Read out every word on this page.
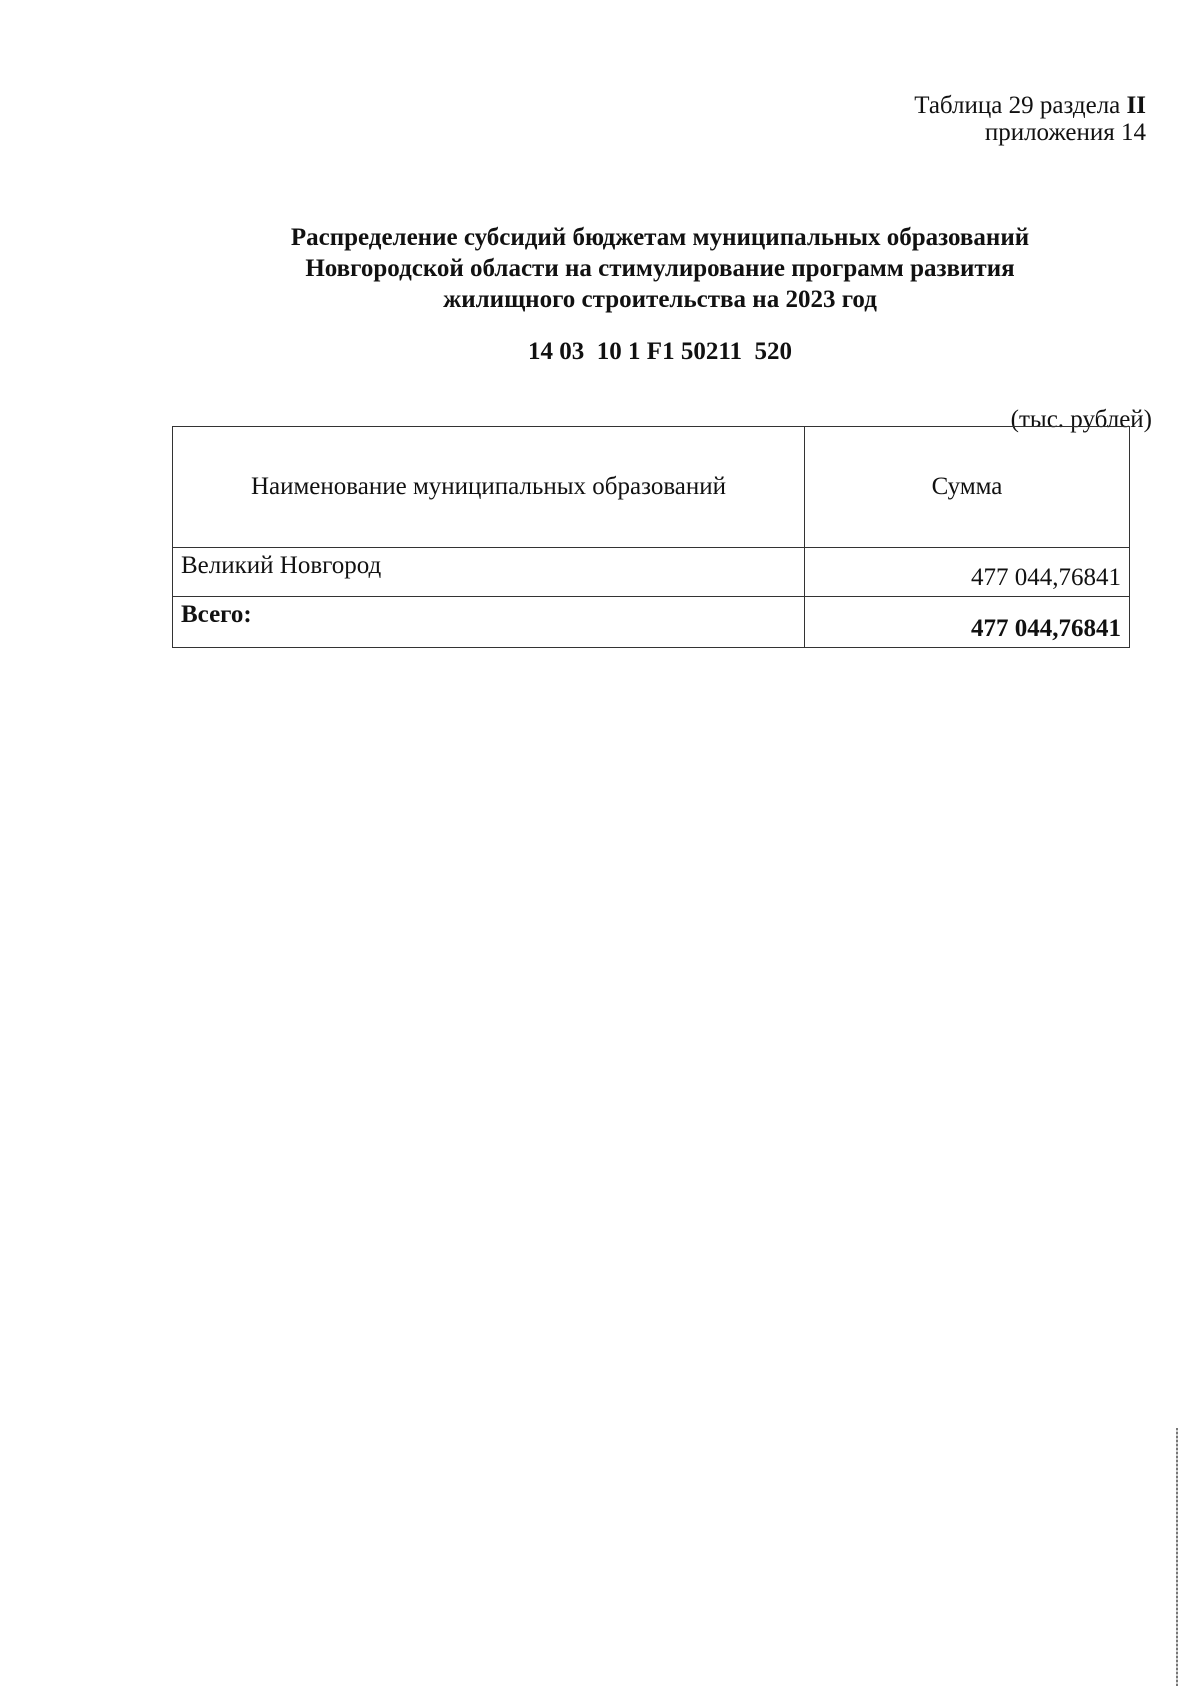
Таблица 29 раздела II
приложения 14
Распределение субсидий бюджетам муниципальных образований
Новгородской области на стимулирование программ развития
жилищного строительства на 2023 год
14 03  10 1 F1 50211  520
(тыс. рублей)
Наименование муниципальных образований	Сумма
Великий Новгород	477 044,76841
Всего:	477 044,76841
